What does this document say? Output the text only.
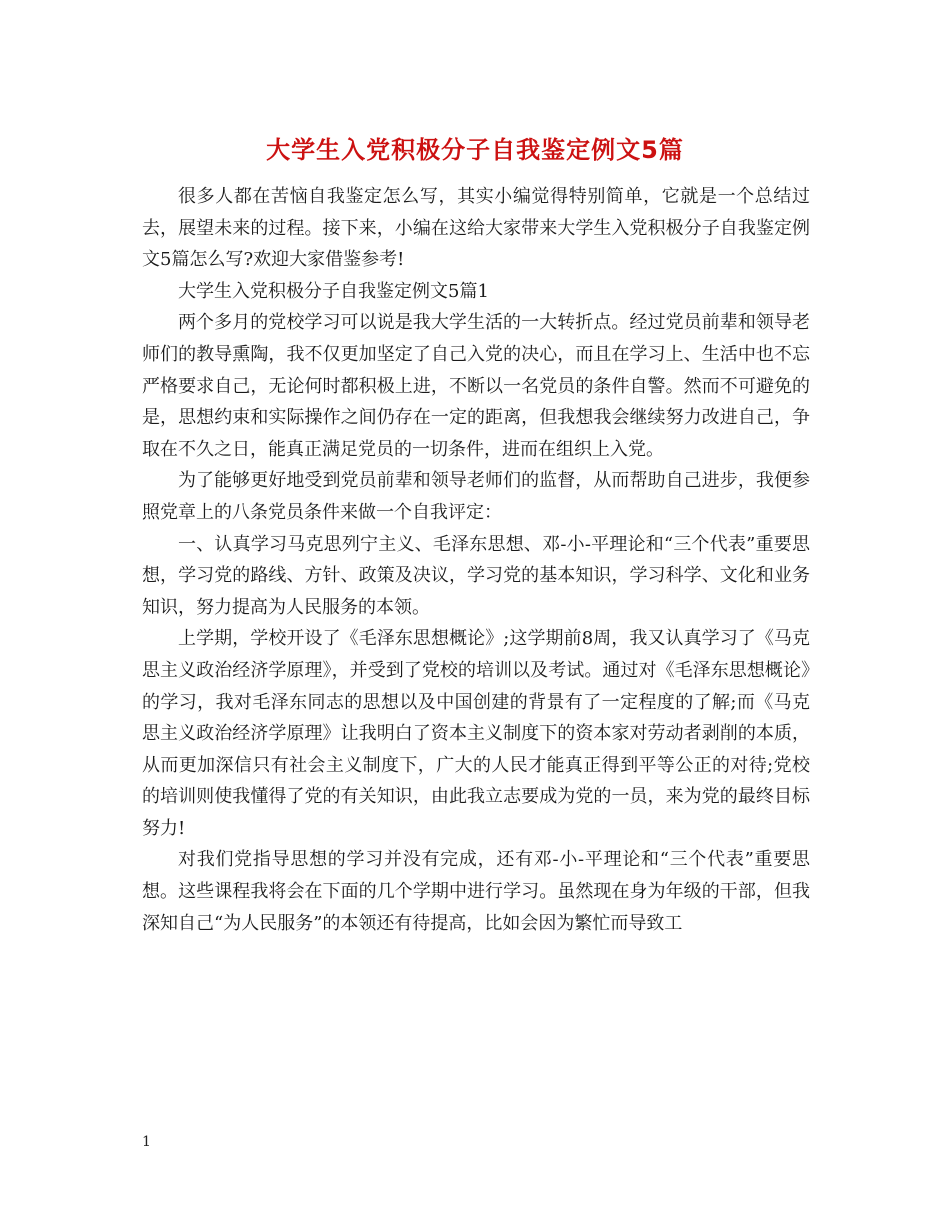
大学生入党积极分子自我鉴定例文5篇

很多人都在苦恼自我鉴定怎么写，其实小编觉得特别简单，它就是一个总结过去，展望未来的过程。接下来，小编在这给大家带来大学生入党积极分子自我鉴定例文5篇怎么写?欢迎大家借鉴参考!

大学生入党积极分子自我鉴定例文5篇1

两个多月的党校学习可以说是我大学生活的一大转折点。经过党员前辈和领导老师们的教导熏陶，我不仅更加坚定了自己入党的决心，而且在学习上、生活中也不忘严格要求自己，无论何时都积极上进，不断以一名党员的条件自警。然而不可避免的是，思想约束和实际操作之间仍存在一定的距离，但我想我会继续努力改进自己，争取在不久之日，能真正满足党员的一切条件，进而在组织上入党。

为了能够更好地受到党员前辈和领导老师们的监督，从而帮助自己进步，我便参照党章上的八条党员条件来做一个自我评定：

一、认真学习马克思列宁主义、毛泽东思想、邓-小-平理论和“三个代表”重要思想，学习党的路线、方针、政策及决议，学习党的基本知识，学习科学、文化和业务知识，努力提高为人民服务的本领。

上学期，学校开设了《毛泽东思想概论》;这学期前8周，我又认真学习了《马克思主义政治经济学原理》，并受到了党校的培训以及考试。通过对《毛泽东思想概论》的学习，我对毛泽东同志的思想以及中国创建的背景有了一定程度的了解;而《马克思主义政治经济学原理》让我明白了资本主义制度下的资本家对劳动者剥削的本质，从而更加深信只有社会主义制度下，广大的人民才能真正得到平等公正的对待;党校的培训则使我懂得了党的有关知识，由此我立志要成为党的一员，来为党的最终目标努力!

对我们党指导思想的学习并没有完成，还有邓-小-平理论和“三个代表”重要思想。这些课程我将会在下面的几个学期中进行学习。虽然现在身为年级的干部，但我深知自己“为人民服务”的本领还有待提高，比如会因为繁忙而导致工

1
